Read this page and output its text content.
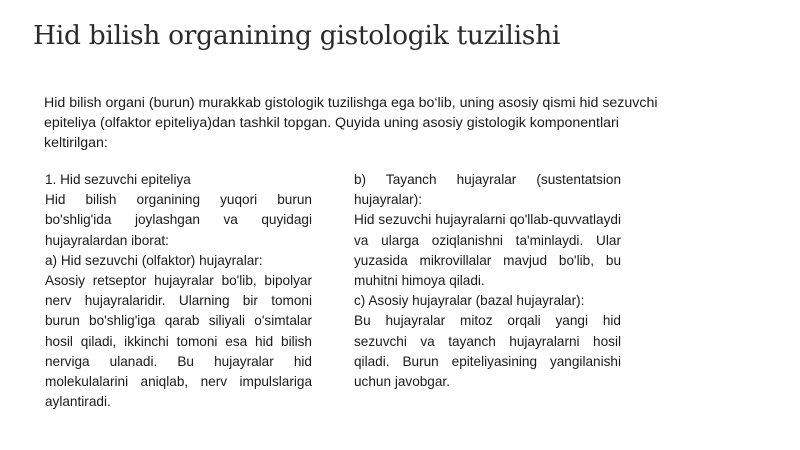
Hid bilish organining gistologik tuzilishi

Hid bilish organi (burun) murakkab gistologik tuzilishga ega bo‘lib, uning asosiy qismi hid sezuvchi epiteliya (olfaktor epiteliya)dan tashkil topgan. Quyida uning asosiy gistologik komponentlari keltirilgan:

1. Hid sezuvchi epiteliya

Hid bilish organining yuqori burun bo'shlig'ida joylashgan va quyidagi hujayralardan iborat:

a) Hid sezuvchi (olfaktor) hujayralar:

Asosiy retseptor hujayralar bo'lib, bipolyar nerv hujayralaridir. Ularning bir tomoni burun bo'shlig'iga qarab siliyali o'simtalar hosil qiladi, ikkinchi tomoni esa hid bilish nerviga ulanadi. Bu hujayralar hid molekulalarini aniqlab, nerv impulslariga aylantiradi.

b) Tayanch hujayralar (sustentatsion hujayralar):

Hid sezuvchi hujayralarni qo'llab-quvvatlaydi va ularga oziqlanishni ta'minlaydi. Ular yuzasida mikrovillalar mavjud bo'lib, bu muhitni himoya qiladi.

c) Asosiy hujayralar (bazal hujayralar):

Bu hujayralar mitoz orqali yangi hid sezuvchi va tayanch hujayralarni hosil qiladi. Burun epiteliyasining yangilanishi uchun javobgar.
